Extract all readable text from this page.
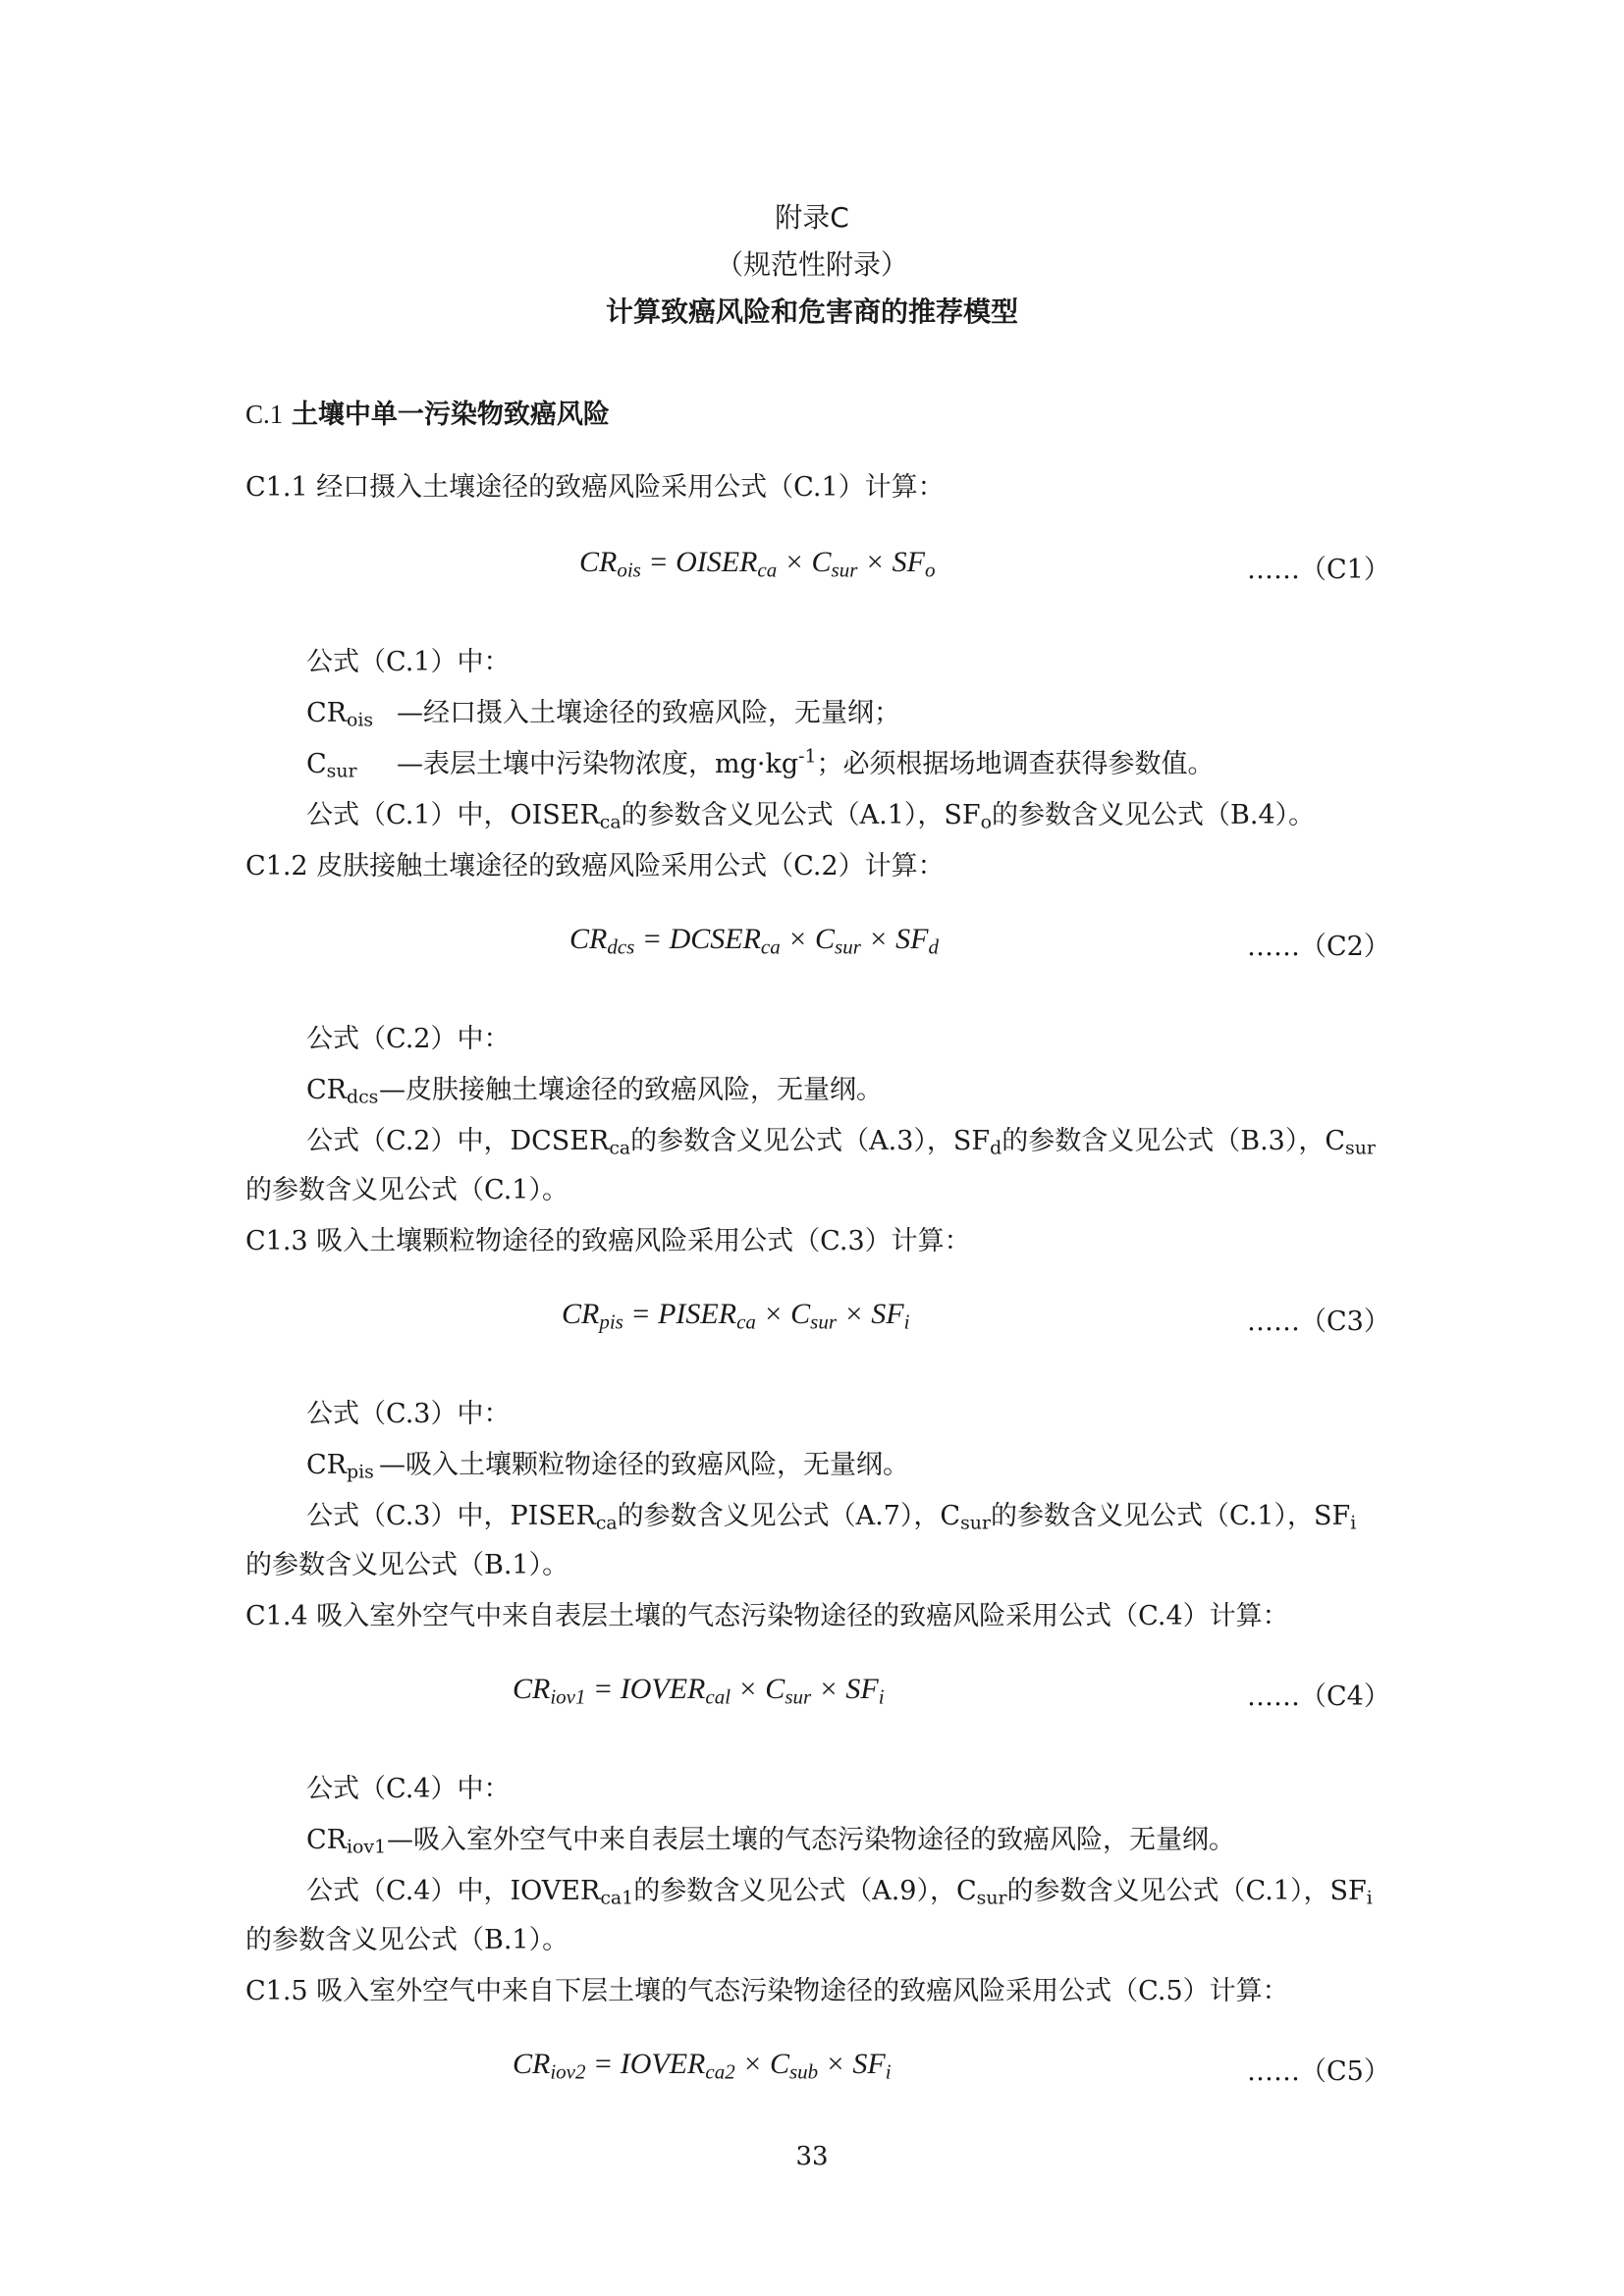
附录C
（规范性附录）
计算致癌风险和危害商的推荐模型
C.1 土壤中单一污染物致癌风险
C1.1 经口摄入土壤途径的致癌风险采用公式（C.1）计算：
$CR_{ois}$ = $OISER_{ca} \times C_{sur} \times SF_o$	……（C1）
公式（C.1）中：
$CR_{ois}$ —经口摄入土壤途径的致癌风险，无量纲；
$C_{sur}$ —表层土壤中污染物浓度，$mg\cdot kg^{-1}$；必须根据场地调查获得参数值。
公式（C.1）中，$OISER_{ca}$的参数含义见公式（A.1），$SF_o$的参数含义见公式（B.4）。
C1.2 皮肤接触土壤途径的致癌风险采用公式（C.2）计算：
$CR_{dcs}$ = $DCSER_{ca} \times C_{sur} \times SF_d$	……（C2）
公式（C.2）中：
$CR_{dcs}—$皮肤接触土壤途径的致癌风险，无量纲。
公式（C.2）中，$DCSER_{ca}$的参数含义见公式（A.3），$SF_d$的参数含义见公式（B.3），$C_{sur}$
的参数含义见公式（C.1）。
C1.3 吸入土壤颗粒物途径的致癌风险采用公式（C.3）计算：
$CR_{pis}$ = $PISER_{ca} \times C_{sur} \times SF_i$	……（C3）
公式（C.3）中：
$CR_{pis}$ —吸入土壤颗粒物途径的致癌风险，无量纲。
公式（C.3）中，$PISER_{ca}$的参数含义见公式（A.7），$C_{sur}$的参数含义见公式（C.1），$SF_i$
的参数含义见公式（B.1）。
C1.4 吸入室外空气中来自表层土壤的气态污染物途径的致癌风险采用公式（C.4）计算：
$CR_{iov1}$ = $IOVER_{cal} \times C_{sur} \times SF_i$	……（C4）
公式（C.4）中：
$CR_{iov1}—$吸入室外空气中来自表层土壤的气态污染物途径的致癌风险，无量纲。
公式（C.4）中，$IOVER_{ca1}$的参数含义见公式（A.9），$C_{sur}$的参数含义见公式（C.1），$SF_i$
的参数含义见公式（B.1）。
C1.5 吸入室外空气中来自下层土壤的气态污染物途径的致癌风险采用公式（C.5）计算：
$CR_{iov2}$ = $IOVER_{ca2} \times C_{sub} \times SF_i$	……（C5）
33
